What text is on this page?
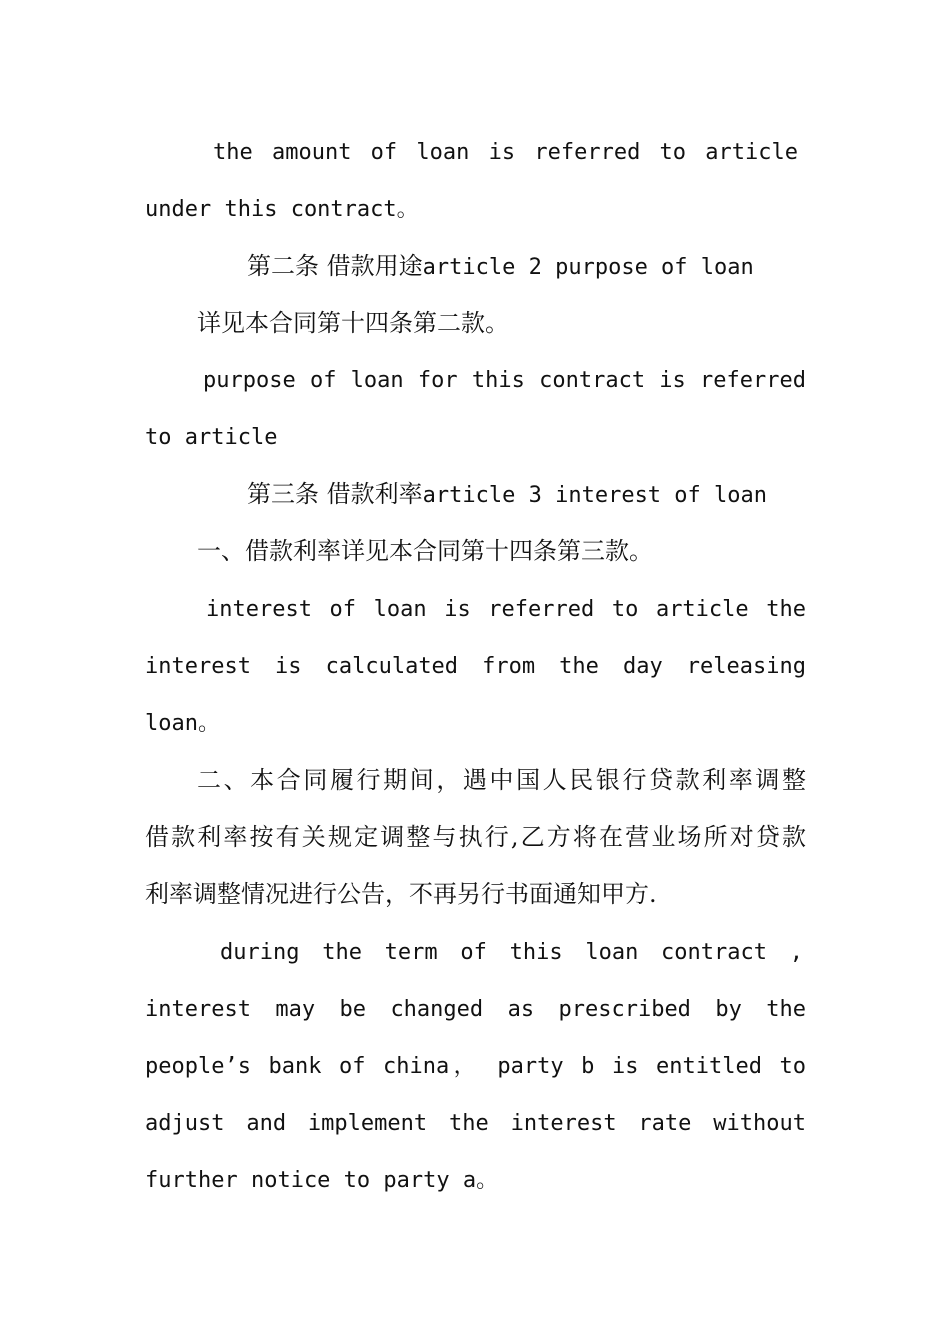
the amount of loan is referred to article
under this contract。
第二条 借款用途article 2 purpose of loan
详见本合同第十四条第二款。
purpose of loan for this contract is referred
to article
第三条 借款利率article 3 interest of loan
一、借款利率详见本合同第十四条第三款。
interest of loan is referred to article the
interest is calculated from the day releasing
loan。
二、本合同履行期间，遇中国人民银行贷款利率调整
借款利率按有关规定调整与执行,乙方将在营业场所对贷款
利率调整情况进行公告，不再另行书面通知甲方.
during the term of this loan contract ,
interest may be changed as prescribed by the
people’s bank of china， party b is entitled to
adjust and implement the interest rate without
further notice to party a。
